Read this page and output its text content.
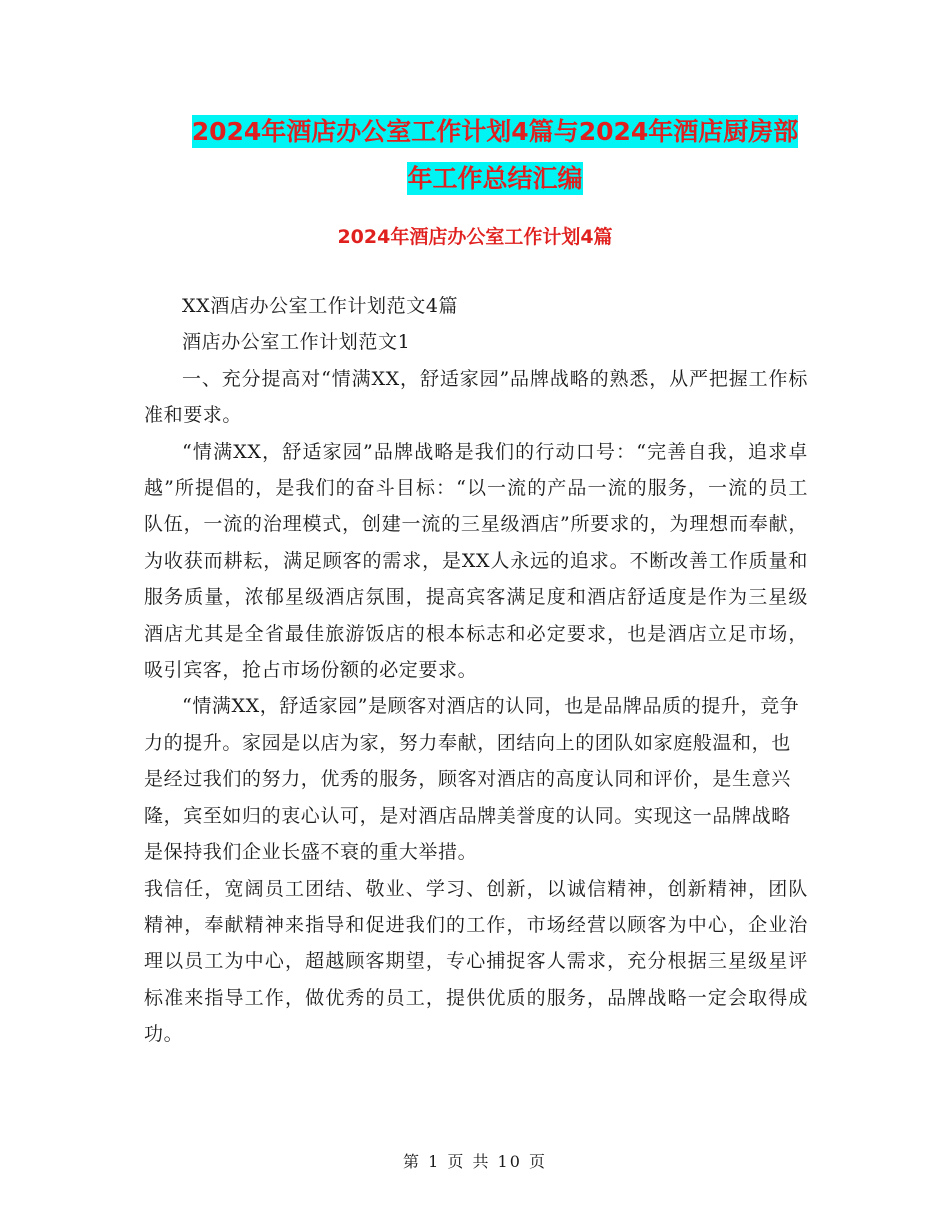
2024年酒店办公室工作计划4篇与2024年酒店厨房部
年工作总结汇编
2024年酒店办公室工作计划4篇

XX酒店办公室工作计划范文4篇

酒店办公室工作计划范文1

一、充分提高对“情满XX，舒适家园”品牌战略的熟悉，从严把握工作标准和要求。

“情满XX，舒适家园”品牌战略是我们的行动口号：“完善自我，追求卓越”所提倡的，是我们的奋斗目标：“以一流的产品一流的服务，一流的员工队伍，一流的治理模式，创建一流的三星级酒店”所要求的，为理想而奉献，为收获而耕耘，满足顾客的需求，是XX人永远的追求。不断改善工作质量和服务质量，浓郁星级酒店氛围，提高宾客满足度和酒店舒适度是作为三星级酒店尤其是全省最佳旅游饭店的根本标志和必定要求，也是酒店立足市场，吸引宾客，抢占市场份额的必定要求。

“情满XX，舒适家园”是顾客对酒店的认同，也是品牌品质的提升，竞争力的提升。家园是以店为家，努力奉献，团结向上的团队如家庭般温和，也是经过我们的努力，优秀的服务，顾客对酒店的高度认同和评价，是生意兴隆，宾至如归的衷心认可，是对酒店品牌美誉度的认同。实现这一品牌战略是保持我们企业长盛不衰的重大举措。

我信任，宽阔员工团结、敬业、学习、创新，以诚信精神，创新精神，团队精神，奉献精神来指导和促进我们的工作，市场经营以顾客为中心，企业治理以员工为中心，超越顾客期望，专心捕捉客人需求，充分根据三星级星评标准来指导工作，做优秀的员工，提供优质的服务，品牌战略一定会取得成功。

第 1 页 共 10 页
